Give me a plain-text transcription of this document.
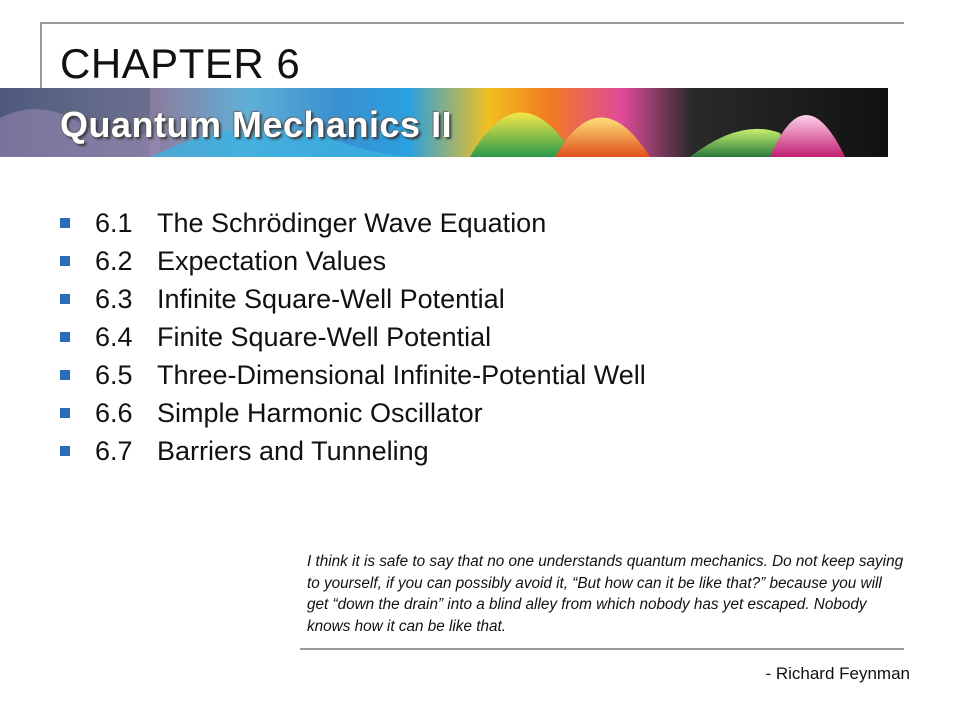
CHAPTER 6
Quantum Mechanics II
6.1 The Schrödinger Wave Equation
6.2 Expectation Values
6.3 Infinite Square-Well Potential
6.4 Finite Square-Well Potential
6.5 Three-Dimensional Infinite-Potential Well
6.6 Simple Harmonic Oscillator
6.7 Barriers and Tunneling
I think it is safe to say that no one understands quantum mechanics. Do not keep saying to yourself, if you can possibly avoid it, “But how can it be like that?” because you will get “down the drain” into a blind alley from which nobody has yet escaped. Nobody knows how it can be like that.
- Richard Feynman
